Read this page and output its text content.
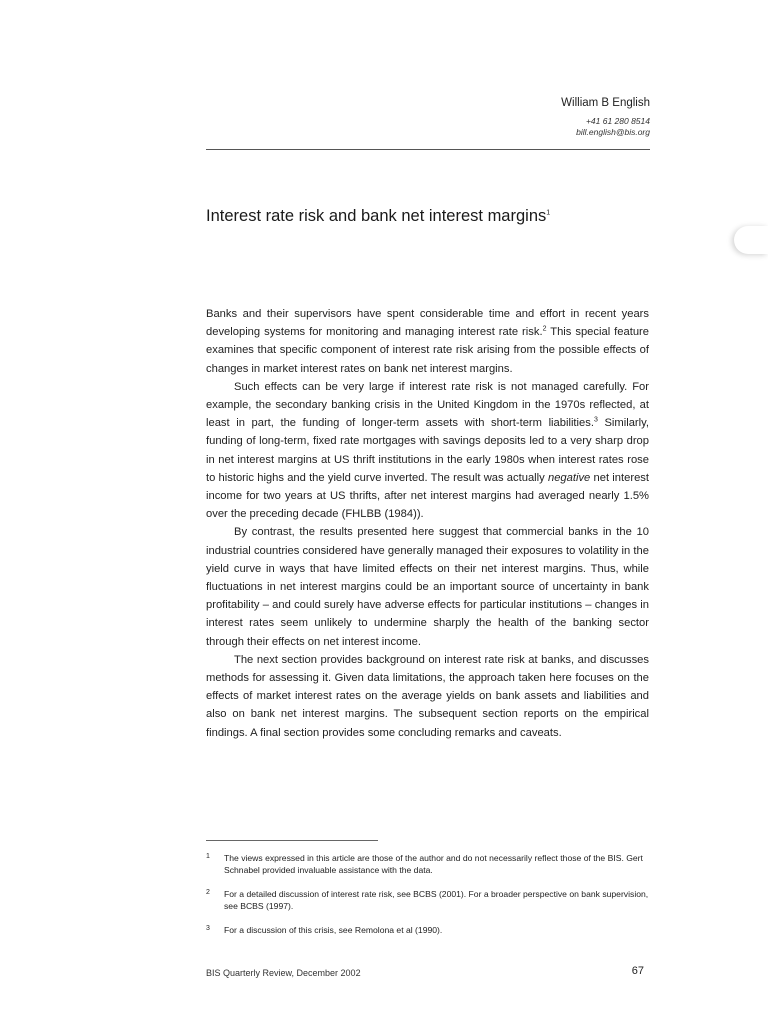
William B English
+41 61 280 8514
bill.english@bis.org
Interest rate risk and bank net interest margins$^1$

Banks and their supervisors have spent considerable time and effort in recent years developing systems for monitoring and managing interest rate risk.$^2$ This special feature examines that specific component of interest rate risk arising from the possible effects of changes in market interest rates on bank net interest margins.

Such effects can be very large if interest rate risk is not managed carefully. For example, the secondary banking crisis in the United Kingdom in the 1970s reflected, at least in part, the funding of longer-term assets with short-term liabilities.$^3$ Similarly, funding of long-term, fixed rate mortgages with savings deposits led to a very sharp drop in net interest margins at US thrift institutions in the early 1980s when interest rates rose to historic highs and the yield curve inverted. The result was actually negative net interest income for two years at US thrifts, after net interest margins had averaged nearly 1.5% over the preceding decade (FHLBB (1984)).

By contrast, the results presented here suggest that commercial banks in the 10 industrial countries considered have generally managed their exposures to volatility in the yield curve in ways that have limited effects on their net interest margins. Thus, while fluctuations in net interest margins could be an important source of uncertainty in bank profitability – and could surely have adverse effects for particular institutions – changes in interest rates seem unlikely to undermine sharply the health of the banking sector through their effects on net interest income.

The next section provides background on interest rate risk at banks, and discusses methods for assessing it. Given data limitations, the approach taken here focuses on the effects of market interest rates on the average yields on bank assets and liabilities and also on bank net interest margins. The subsequent section reports on the empirical findings. A final section provides some concluding remarks and caveats.

1	The views expressed in this article are those of the author and do not necessarily reflect those of the BIS. Gert Schnabel provided invaluable assistance with the data.
2	For a detailed discussion of interest rate risk, see BCBS (2001). For a broader perspective on bank supervision, see BCBS (1997).
3	For a discussion of this crisis, see Remolona et al (1990).
BIS Quarterly Review, December 2002	67
